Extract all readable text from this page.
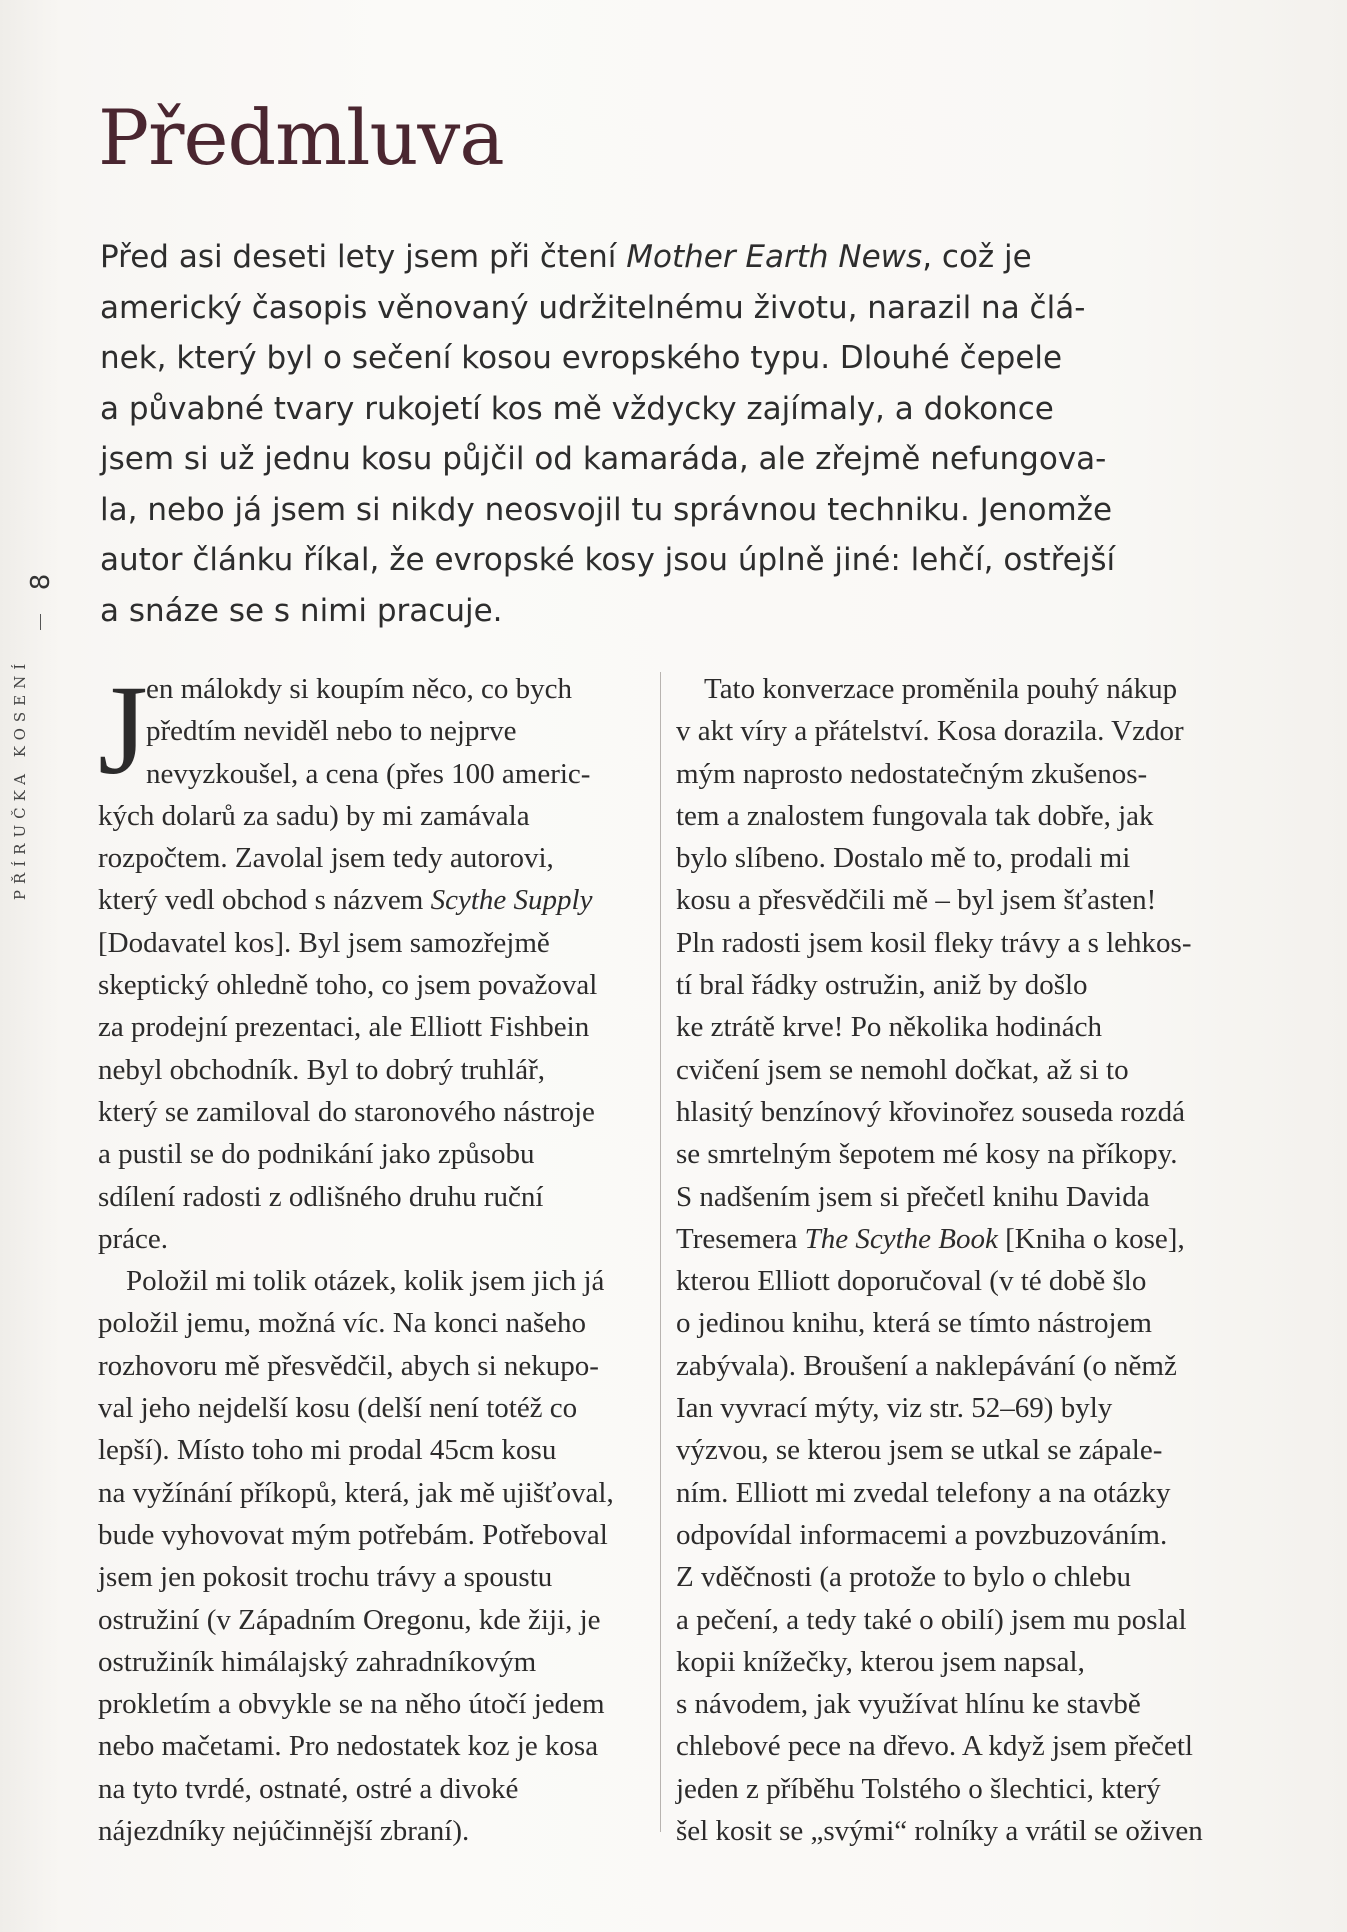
Předmluva
8
PŘÍRUČKA KOSENÍ
Před asi deseti lety jsem při čtení Mother Earth News, což je
americký časopis věnovaný udržitelnému životu, narazil na člá-
nek, který byl o sečení kosou evropského typu. Dlouhé čepele
a půvabné tvary rukojetí kos mě vždycky zajímaly, a dokonce
jsem si už jednu kosu půjčil od kamaráda, ale zřejmě nefungova-
la, nebo já jsem si nikdy neosvojil tu správnou techniku. Jenomže
autor článku říkal, že evropské kosy jsou úplně jiné: lehčí, ostřejší
a snáze se s nimi pracuje.
J
en málokdy si koupím něco, co bych
předtím neviděl nebo to nejprve
nevyzkoušel, a cena (přes 100 americ-
kých dolarů za sadu) by mi zamávala
rozpočtem. Zavolal jsem tedy autorovi,
který vedl obchod s názvem Scythe Supply
[Dodavatel kos]. Byl jsem samozřejmě
skeptický ohledně toho, co jsem považoval
za prodejní prezentaci, ale Elliott Fishbein
nebyl obchodník. Byl to dobrý truhlář,
který se zamiloval do staronového nástroje
a pustil se do podnikání jako způsobu
sdílení radosti z odlišného druhu ruční
práce.
Položil mi tolik otázek, kolik jsem jich já
položil jemu, možná víc. Na konci našeho
rozhovoru mě přesvědčil, abych si nekupo-
val jeho nejdelší kosu (delší není totéž co
lepší). Místo toho mi prodal 45cm kosu
na vyžínání příkopů, která, jak mě ujišťoval,
bude vyhovovat mým potřebám. Potřeboval
jsem jen pokosit trochu trávy a spoustu
ostružiní (v Západním Oregonu, kde žiji, je
ostružiník himálajský zahradníkovým
prokletím a obvykle se na něho útočí jedem
nebo mačetami. Pro nedostatek koz je kosa
na tyto tvrdé, ostnaté, ostré a divoké
nájezdníky nejúčinnější zbraní).
Tato konverzace proměnila pouhý nákup
v akt víry a přátelství. Kosa dorazila. Vzdor
mým naprosto nedostatečným zkušenos-
tem a znalostem fungovala tak dobře, jak
bylo slíbeno. Dostalo mě to, prodali mi
kosu a přesvědčili mě – byl jsem šťasten!
Pln radosti jsem kosil fleky trávy a s lehkos-
tí bral řádky ostružin, aniž by došlo
ke ztrátě krve! Po několika hodinách
cvičení jsem se nemohl dočkat, až si to
hlasitý benzínový křovinořez souseda rozdá
se smrtelným šepotem mé kosy na příkopy.
S nadšením jsem si přečetl knihu Davida
Tresemera The Scythe Book [Kniha o kose],
kterou Elliott doporučoval (v té době šlo
o jedinou knihu, která se tímto nástrojem
zabývala). Broušení a naklepávání (o němž
Ian vyvrací mýty, viz str. 52–69) byly
výzvou, se kterou jsem se utkal se zápale-
ním. Elliott mi zvedal telefony a na otázky
odpovídal informacemi a povzbuzováním.
Z vděčnosti (a protože to bylo o chlebu
a pečení, a tedy také o obilí) jsem mu poslal
kopii knížečky, kterou jsem napsal,
s návodem, jak využívat hlínu ke stavbě
chlebové pece na dřevo. A když jsem přečetl
jeden z příběhu Tolstého o šlechtici, který
šel kosit se „svými“ rolníky a vrátil se oživen
